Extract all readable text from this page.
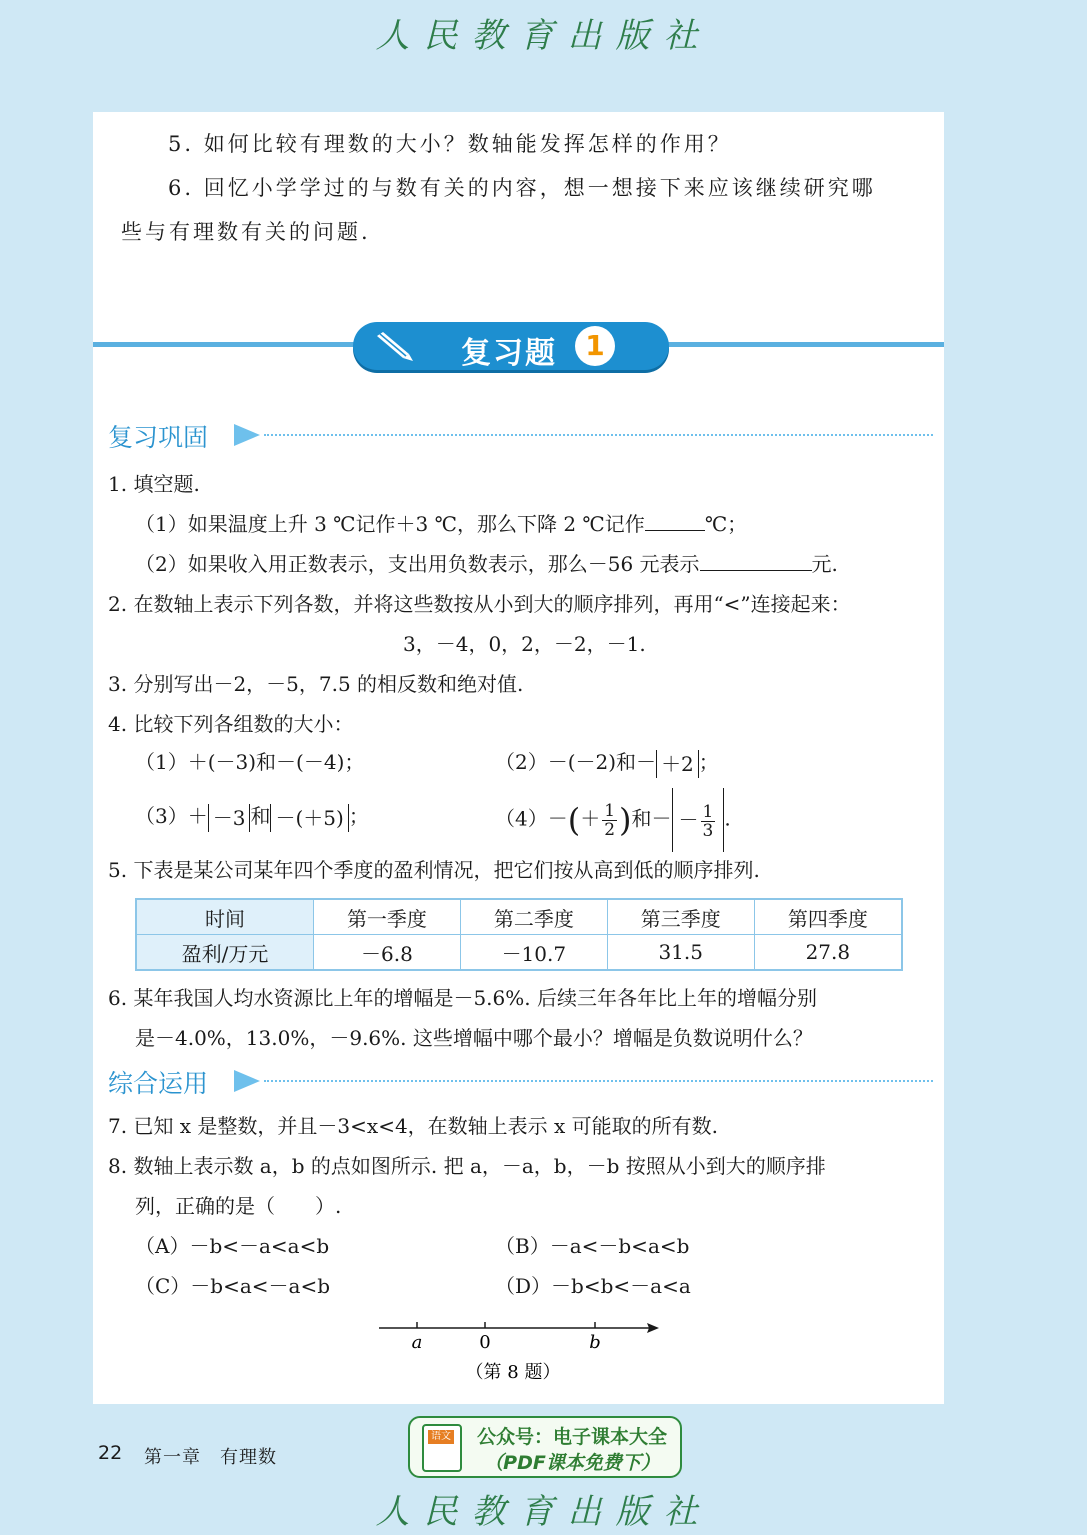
人民教育出版社
5. 如何比较有理数的大小？数轴能发挥怎样的作用？
6. 回忆小学学过的与数有关的内容，想一想接下来应该继续研究哪
些与有理数有关的问题.
复习题	1
复习巩固
1. 填空题.
（1）如果温度上升 3 ℃记作＋3 ℃，那么下降 2 ℃记作	℃；
（2）如果收入用正数表示，支出用负数表示，那么－56 元表示	元.
2. 在数轴上表示下列各数，并将这些数按从小到大的顺序排列，再用“<”连接起来：
3，－4，0，2，－2，－1.
3. 分别写出－2，－5，7.5 的相反数和绝对值.
4. 比较下列各组数的大小：
（1）＋(－3)和－(－4)；	（2）－(－2)和－ ＋2 ；
（3）＋ －3 和 －(＋5) ；	$(4)-(+ \frac{1}{2}$ )和－ － $\frac{1}{3}$ .
5. 下表是某公司某年四个季度的盈利情况，把它们按从高到低的顺序排列.
时间	第一季度	第二季度	第三季度	第四季度
盈利/万元	－6.8	－10.7	31.5	27.8
6. 某年我国人均水资源比上年的增幅是－5.6%. 后续三年各年比上年的增幅分别
是－4.0%，13.0%，－9.6%. 这些增幅中哪个最小？增幅是负数说明什么？
综合运用
7. 已知 x 是整数，并且－3<x<4，在数轴上表示 x 可能取的所有数.
8. 数轴上表示数 a，b 的点如图所示. 把 a，－a，b，－b 按照从小到大的顺序排
列，正确的是（　　）.
（A）－b<－a<a<b	（B）－a<－b<a<b
（C）－b<a<－a<b	（D）－b<b<－a<a
a	0	b
（第 8 题）
22 第一章　有理数
语文 公众号：电子课本大全
（PDF课本免费下）
人民教育出版社
